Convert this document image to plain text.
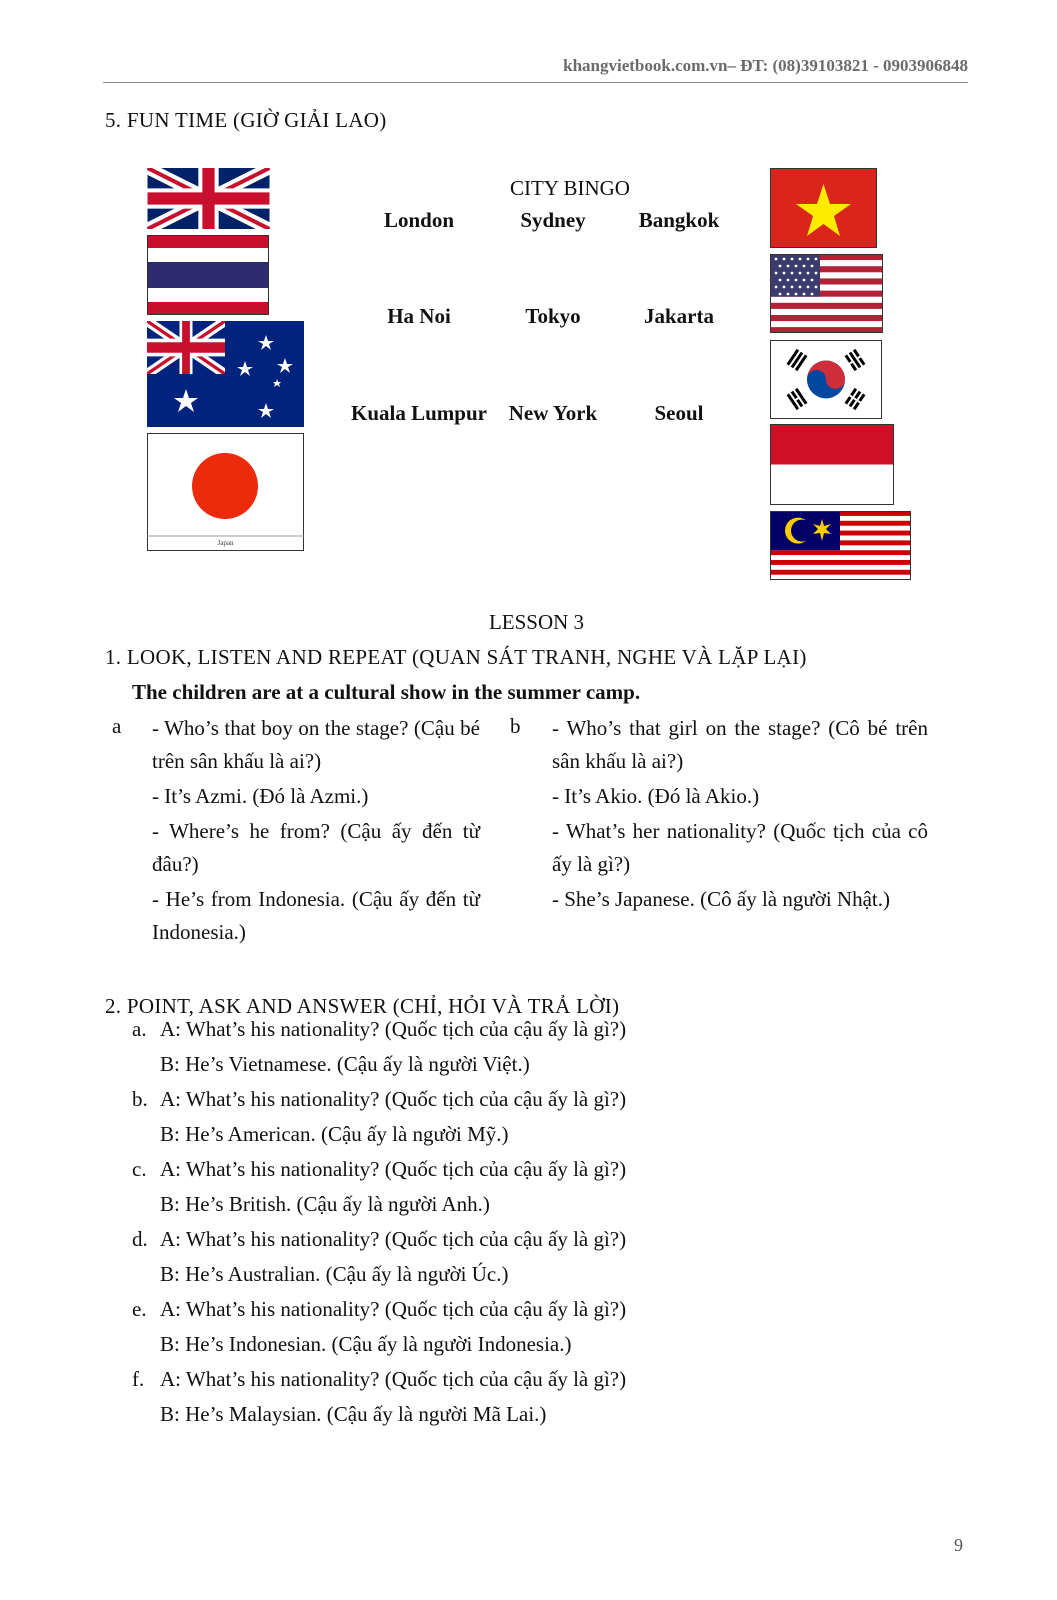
khangvietbook.com.vn– ĐT: (08)39103821 - 0903906848
5. FUN TIME (GIỜ GIẢI LAO)
Japan
CITY BINGO
London	Sydney	Bangkok
Ha Noi	Tokyo	Jakarta
Kuala Lumpur	New York	Seoul
LESSON 3
1. LOOK, LISTEN AND REPEAT (QUAN SÁT TRANH, NGHE VÀ LẶP LẠI)
The children are at a cultural show in the summer camp.
a - Who’s that boy on the stage? (Cậu bé trên sân khấu là ai?)

- It’s Azmi. (Đó là Azmi.)

- Where’s he from? (Cậu ấy đến từ đâu?)

- He’s from Indonesia. (Cậu ấy đến từ Indonesia.)

b - Who’s that girl on the stage? (Cô bé trên sân khấu là ai?)

- It’s Akio. (Đó là Akio.)

- What’s her nationality? (Quốc tịch của cô ấy là gì?)

- She’s Japanese. (Cô ấy là người Nhật.)

2. POINT, ASK AND ANSWER (CHỈ, HỎI VÀ TRẢ LỜI)
a. A: What’s his nationality? (Quốc tịch của cậu ấy là gì?)
B: He’s Vietnamese. (Cậu ấy là người Việt.)
b. A: What’s his nationality? (Quốc tịch của cậu ấy là gì?)
B: He’s American. (Cậu ấy là người Mỹ.)
c. A: What’s his nationality? (Quốc tịch của cậu ấy là gì?)
B: He’s British. (Cậu ấy là người Anh.)
d. A: What’s his nationality? (Quốc tịch của cậu ấy là gì?)
B: He’s Australian. (Cậu ấy là người Úc.)
e. A: What’s his nationality? (Quốc tịch của cậu ấy là gì?)
B: He’s Indonesian. (Cậu ấy là người Indonesia.)
f. A: What’s his nationality? (Quốc tịch của cậu ấy là gì?)
B: He’s Malaysian. (Cậu ấy là người Mã Lai.)
9
